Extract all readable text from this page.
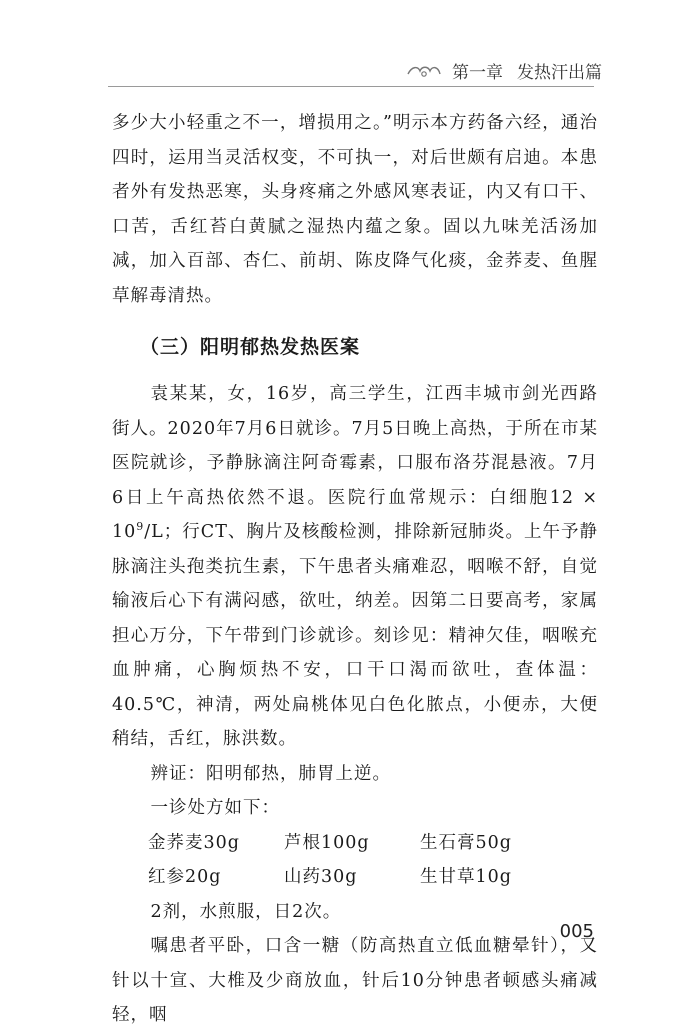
第一章 发热汗出篇

多少大小轻重之不一，增损用之。”明示本方药备六经，通治四时，运用当灵活权变，不可执一，对后世颇有启迪。本患者外有发热恶寒，头身疼痛之外感风寒表证，内又有口干、口苦，舌红苔白黄腻之湿热内蕴之象。固以九味羌活汤加减，加入百部、杏仁、前胡、陈皮降气化痰，金荞麦、鱼腥草解毒清热。

（三）阳明郁热发热医案

袁某某，女，16岁，高三学生，江西丰城市剑光西路街人。2020年7月6日就诊。7月5日晚上高热，于所在市某医院就诊，予静脉滴注阿奇霉素，口服布洛芬混悬液。7月6日上午高热依然不退。医院行血常规示：白细胞$12 \times 10^9/L$；行CT、胸片及核酸检测，排除新冠肺炎。上午予静脉滴注头孢类抗生素，下午患者头痛难忍，咽喉不舒，自觉输液后心下有满闷感，欲吐，纳差。因第二日要高考，家属担心万分，下午带到门诊就诊。刻诊见：精神欠佳，咽喉充血肿痛，心胸烦热不安，口干口渴而欲吐，查体温：40.5℃，神清，两处扁桃体见白色化脓点，小便赤，大便稍结，舌红，脉洪数。

辨证：阳明郁热，肺胃上逆。

一诊处方如下：

金荞麦30g	芦根100g	生石膏50g
红参20g	山药30g	生甘草10g

2剂，水煎服，日2次。

嘱患者平卧，口含一糖（防高热直立低血糖晕针），又针以十宣、大椎及少商放血，针后10分钟患者顿感头痛减轻，咽

005
